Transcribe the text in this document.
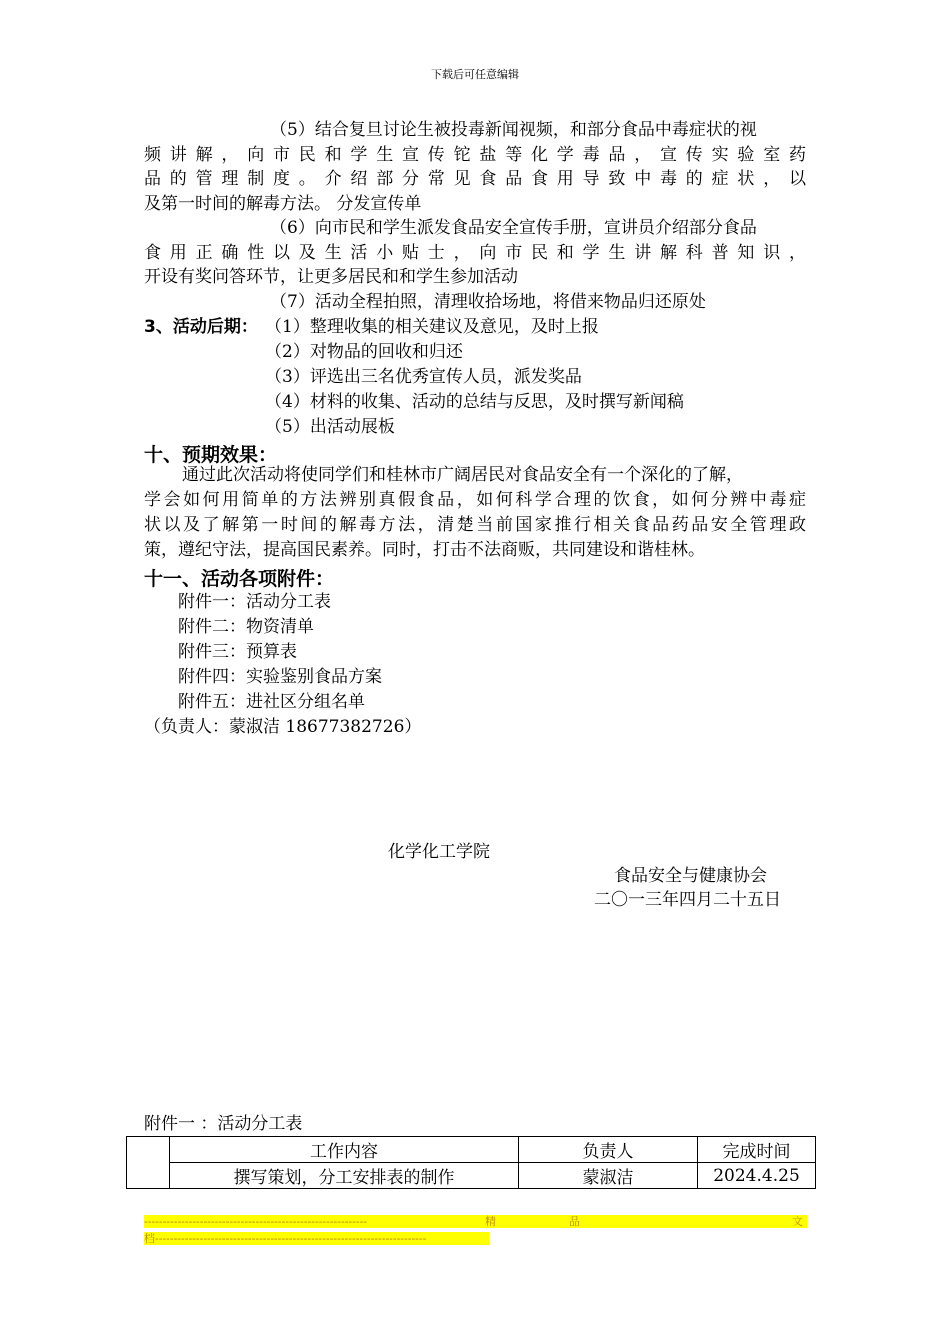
下载后可任意编辑
（5）结合复旦讨论生被投毒新闻视频，和部分食品中毒症状的视
频讲解，向市民和学生宣传铊盐等化学毒品，宣传实验室药
品的管理制度。介绍部分常见食品食用导致中毒的症状，以
及第一时间的解毒方法。 分发宣传单
（6）向市民和学生派发食品安全宣传手册，宣讲员介绍部分食品
食用正确性以及生活小贴士，向市民和学生讲解科普知识，
开设有奖问答环节，让更多居民和和学生参加活动
（7）活动全程拍照，清理收拾场地，将借来物品归还原处
3、活动后期： （1）整理收集的相关建议及意见，及时上报
（2）对物品的回收和归还
（3）评选出三名优秀宣传人员，派发奖品
（4）材料的收集、活动的总结与反思，及时撰写新闻稿
（5）出活动展板
十、预期效果：
通过此次活动将使同学们和桂林市广阔居民对食品安全有一个深化的了解，
学会如何用简单的方法辨别真假食品，如何科学合理的饮食，如何分辨中毒症
状以及了解第一时间的解毒方法，清楚当前国家推行相关食品药品安全管理政
策，遵纪守法，提高国民素养。同时，打击不法商贩，共同建设和谐桂林。
十一、活动各项附件：
附件一：活动分工表
附件二：物资清单
附件三：预算表
附件四：实验鉴别食品方案
附件五：进社区分组名单
（负责人：蒙淑洁 18677382726）
化学化工学院
食品安全与健康协会
二〇一三年四月二十五日
附件一 ：活动分工表
	工作内容	负责人	完成时间
	撰写策划，分工安排表的制作	蒙淑洁	2024.4.25
------------------------------------------------------------	精	品	文
档-------------------------------------------------------------------------
